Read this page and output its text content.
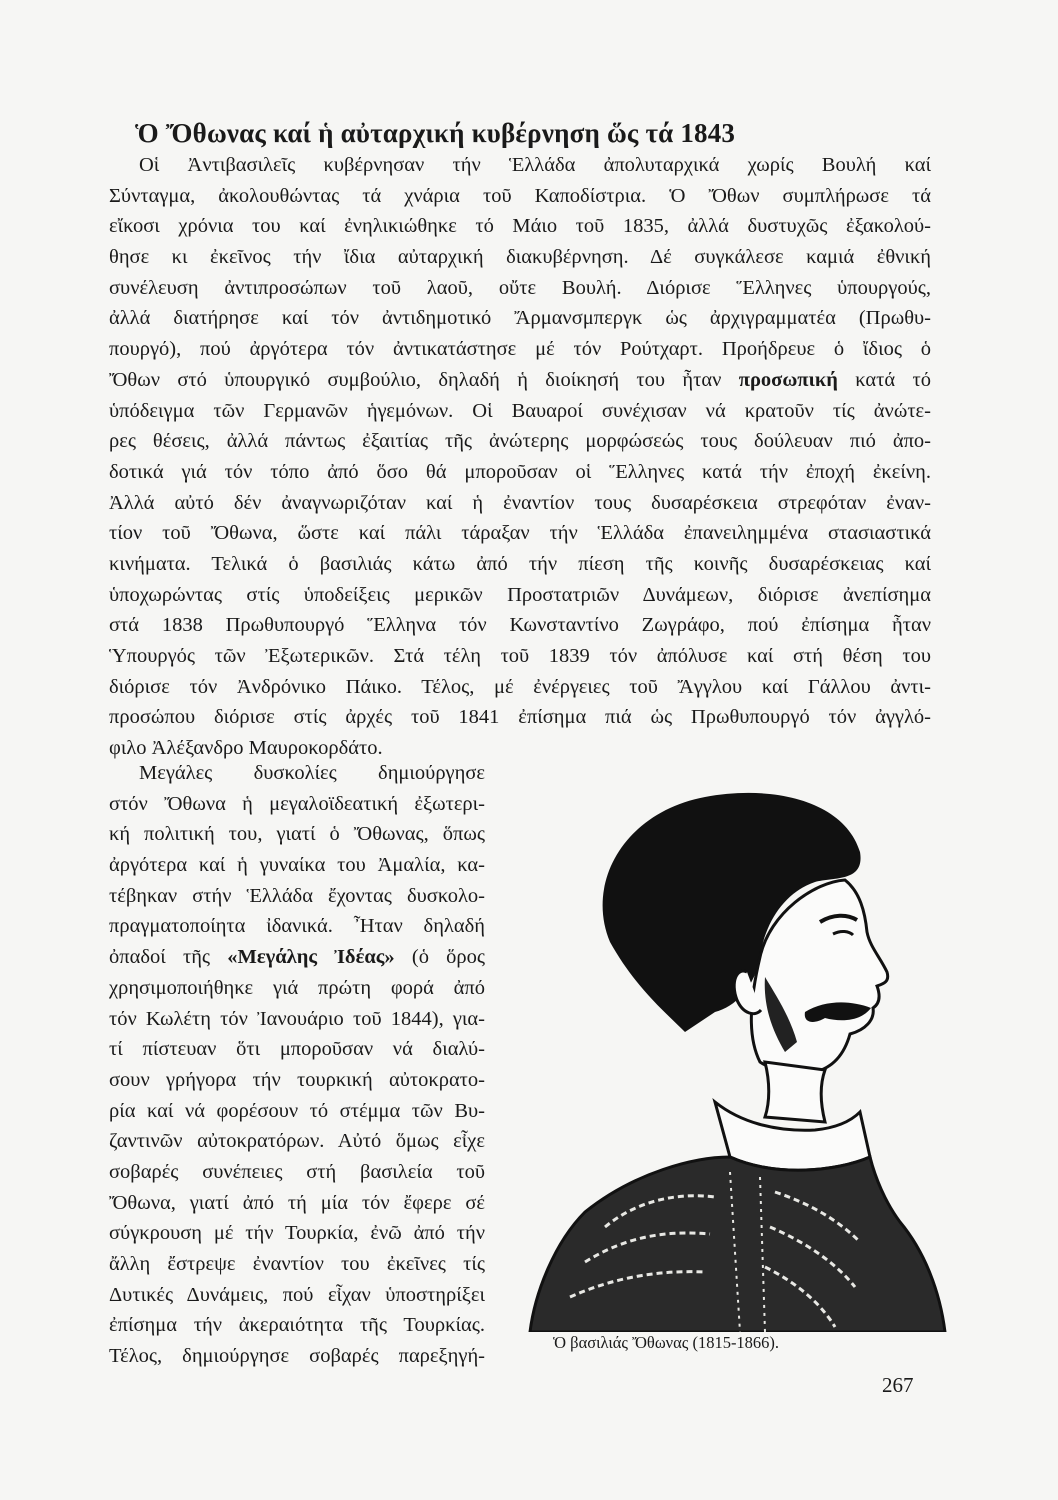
Ὁ Ὄθωνας καί ἡ αὐταρχική κυβέρνηση ὥς τά 1843
Οἱ Ἀντιβασιλεῖς κυβέρνησαν τήν Ἑλλάδα ἀπολυταρχικά χωρίς Βουλή καί
Σύνταγμα, ἀκολουθώντας τά χνάρια τοῦ Καποδίστρια. Ὁ Ὄθων συμπλήρωσε τά
εἴκοσι χρόνια του καί ἐνηλικιώθηκε τό Μάιο τοῦ 1835, ἀλλά δυστυχῶς ἐξακολού-
θησε κι ἐκεῖνος τήν ἴδια αὐταρχική διακυβέρνηση. Δέ συγκάλεσε καμιά ἐθνική
συνέλευση ἀντιπροσώπων τοῦ λαοῦ, οὔτε Βουλή. Διόρισε Ἕλληνες ὑπουργούς,
ἀλλά διατήρησε καί τόν ἀντιδημοτικό Ἄρμανσμπεργκ ὡς ἀρχιγραμματέα (Πρωθυ-
πουργό), πού ἀργότερα τόν ἀντικατάστησε μέ τόν Ρούτχαρτ. Προήδρευε ὁ ἴδιος ὁ
Ὄθων στό ὑπουργικό συμβούλιο, δηλαδή ἡ διοίκησή του ἦταν προσωπική κατά τό
ὑπόδειγμα τῶν Γερμανῶν ἡγεμόνων. Οἱ Βαυαροί συνέχισαν νά κρατοῦν τίς ἀνώτε-
ρες θέσεις, ἀλλά πάντως ἐξαιτίας τῆς ἀνώτερης μορφώσεώς τους δούλευαν πιό ἀπο-
δοτικά γιά τόν τόπο ἀπό ὅσο θά μποροῦσαν οἱ Ἕλληνες κατά τήν ἐποχή ἐκείνη.
Ἀλλά αὐτό δέν ἀναγνωριζόταν καί ἡ ἐναντίον τους δυσαρέσκεια στρεφόταν ἐναν-
τίον τοῦ Ὄθωνα, ὥστε καί πάλι τάραξαν τήν Ἑλλάδα ἐπανειλημμένα στασιαστικά
κινήματα. Τελικά ὁ βασιλιάς κάτω ἀπό τήν πίεση τῆς κοινῆς δυσαρέσκειας καί
ὑποχωρώντας στίς ὑποδείξεις μερικῶν Προστατριῶν Δυνάμεων, διόρισε ἀνεπίσημα
στά 1838 Πρωθυπουργό Ἕλληνα τόν Κωνσταντίνο Ζωγράφο, πού ἐπίσημα ἦταν
Ὑπουργός τῶν Ἐξωτερικῶν. Στά τέλη τοῦ 1839 τόν ἀπόλυσε καί στή θέση του
διόρισε τόν Ἀνδρόνικο Πάικο. Τέλος, μέ ἐνέργειες τοῦ Ἄγγλου καί Γάλλου ἀντι-
προσώπου διόρισε στίς ἀρχές τοῦ 1841 ἐπίσημα πιά ὡς Πρωθυπουργό τόν ἀγγλό-
φιλο Ἀλέξανδρο Μαυροκορδάτο.
Μεγάλες δυσκολίες δημιούργησε
στόν Ὄθωνα ἡ μεγαλοϊδεατική ἐξωτερι-
κή πολιτική του, γιατί ὁ Ὄθωνας, ὅπως
ἀργότερα καί ἡ γυναίκα του Ἀμαλία, κα-
τέβηκαν στήν Ἑλλάδα ἔχοντας δυσκολο-
πραγματοποίητα ἰδανικά. Ἦταν δηλαδή
ὀπαδοί τῆς «Μεγάλης Ἰδέας» (ὁ ὅρος
χρησιμοποιήθηκε γιά πρώτη φορά ἀπό
τόν Κωλέτη τόν Ἰανουάριο τοῦ 1844), για-
τί πίστευαν ὅτι μποροῦσαν νά διαλύ-
σουν γρήγορα τήν τουρκική αὐτοκρατο-
ρία καί νά φορέσουν τό στέμμα τῶν Βυ-
ζαντινῶν αὐτοκρατόρων. Αὐτό ὅμως εἶχε
σοβαρές συνέπειες στή βασιλεία τοῦ
Ὄθωνα, γιατί ἀπό τή μία τόν ἔφερε σέ
σύγκρουση μέ τήν Τουρκία, ἐνῶ ἀπό τήν
ἄλλη ἔστρεψε ἐναντίον του ἐκεῖνες τίς
Δυτικές Δυνάμεις, πού εἶχαν ὑποστηρίξει
ἐπίσημα τήν ἀκεραιότητα τῆς Τουρκίας.
Τέλος, δημιούργησε σοβαρές παρεξηγή-
Ὁ βασιλιάς Ὄθωνας (1815-1866).
267
